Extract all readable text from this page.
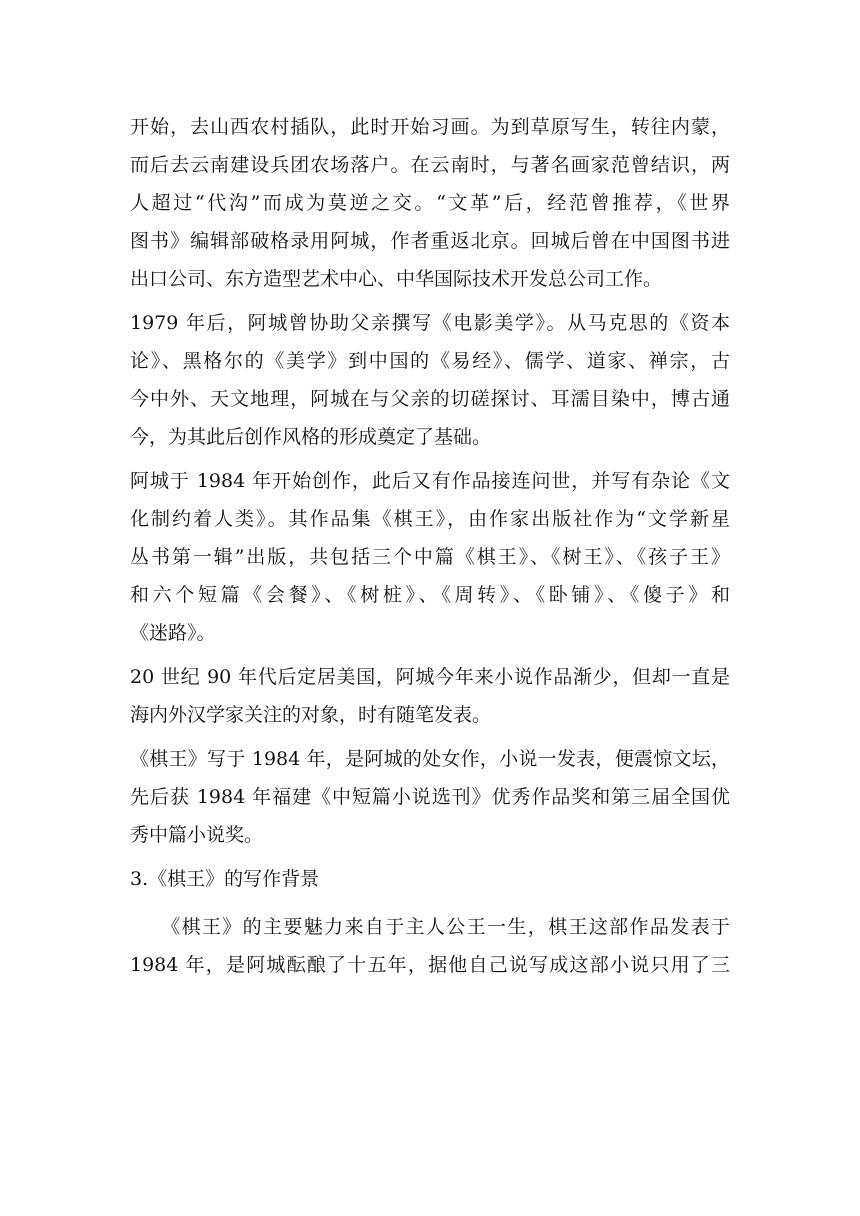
开始，去山西农村插队，此时开始习画。为到草原写生，转往内蒙，

而后去云南建设兵团农场落户。在云南时，与著名画家范曾结识，两

人超过“代沟”而成为莫逆之交。“文革”后，经范曾推荐，《世界

图书》编辑部破格录用阿城，作者重返北京。回城后曾在中国图书进

出口公司、东方造型艺术中心、中华国际技术开发总公司工作。

1979 年后，阿城曾协助父亲撰写《电影美学》。从马克思的《资本

论》、黑格尔的《美学》到中国的《易经》、儒学、道家、禅宗，古

今中外、天文地理，阿城在与父亲的切磋探讨、耳濡目染中，博古通

今，为其此后创作风格的形成奠定了基础。

阿城于 1984 年开始创作，此后又有作品接连问世，并写有杂论《文

化制约着人类》。其作品集《棋王》，由作家出版社作为“文学新星

丛书第一辑”出版，共包括三个中篇《棋王》、《树王》、《孩子王》

和六个短篇《会餐》、《树桩》、《周转》、《卧铺》、《傻子》和

《迷路》。

20 世纪 90 年代后定居美国，阿城今年来小说作品渐少，但却一直是

海内外汉学家关注的对象，时有随笔发表。

《棋王》写于 1984 年，是阿城的处女作，小说一发表，便震惊文坛，

先后获 1984 年福建《中短篇小说选刊》优秀作品奖和第三届全国优

秀中篇小说奖。

3.《棋王》的写作背景

　　《棋王》的主要魅力来自于主人公王一生，棋王这部作品发表于

1984 年，是阿城酝酿了十五年，据他自己说写成这部小说只用了三
